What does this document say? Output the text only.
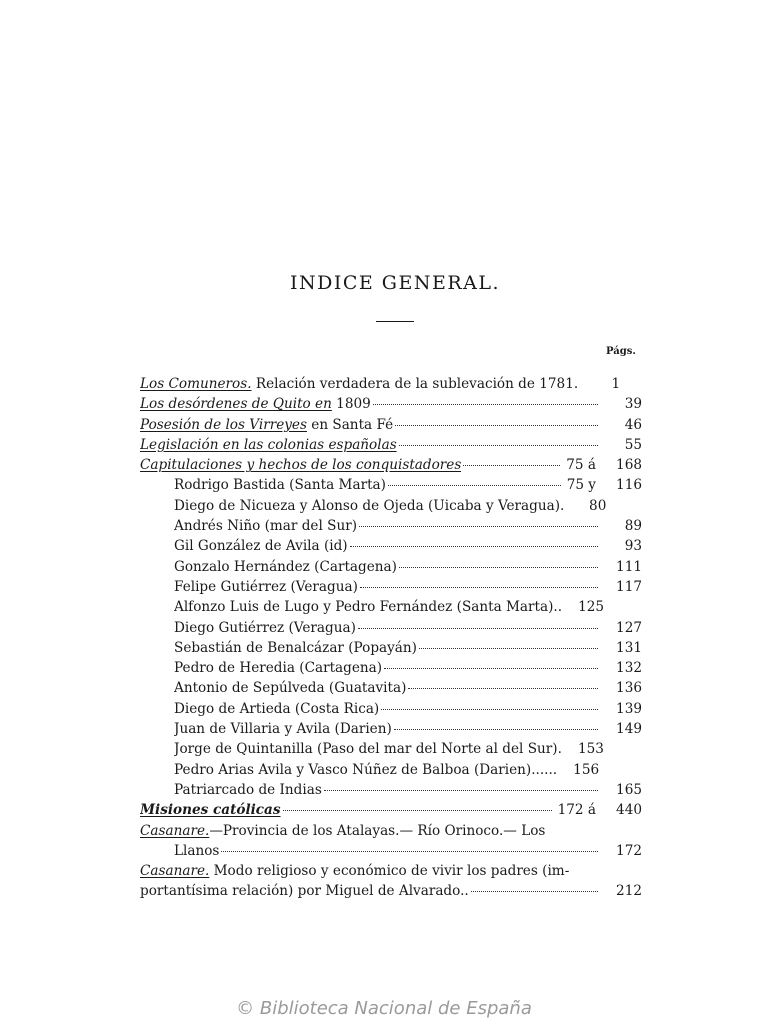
INDICE GENERAL.
Págs.
Los Comuneros. Relación verdadera de la sublevación de 1781.	1
Los desórdenes de Quito en 1809	39
Posesión de los Virreyes en Santa Fé	46
Legislación en las colonias españolas	55
Capitulaciones y hechos de los conquistadores	75 á	168
Rodrigo Bastida (Santa Marta)	75 y	116
Diego de Nicueza y Alonso de Ojeda (Uicaba y Veragua).	80
Andrés Niño (mar del Sur)	89
Gil González de Avila (id)	93
Gonzalo Hernández (Cartagena)	111
Felipe Gutiérrez (Veragua)	117
Alfonzo Luis de Lugo y Pedro Fernández (Santa Marta)..	125
Diego Gutiérrez (Veragua)	127
Sebastián de Benalcázar (Popayán)	131
Pedro de Heredia (Cartagena)	132
Antonio de Sepúlveda (Guatavita)	136
Diego de Artieda (Costa Rica)	139
Juan de Villaria y Avila (Darien)	149
Jorge de Quintanilla (Paso del mar del Norte al del Sur).	153
Pedro Arias Avila y Vasco Núñez de Balboa (Darien)......	156
Patriarcado de Indias	165
Misiones católicas	172 á	440
Casanare.—Provincia de los Atalayas.— Río Orinoco.— Los
Llanos	172
Casanare. Modo religioso y económico de vivir los padres (im-
portantísima relación) por Miguel de Alvarado..	212
© Biblioteca Nacional de España
